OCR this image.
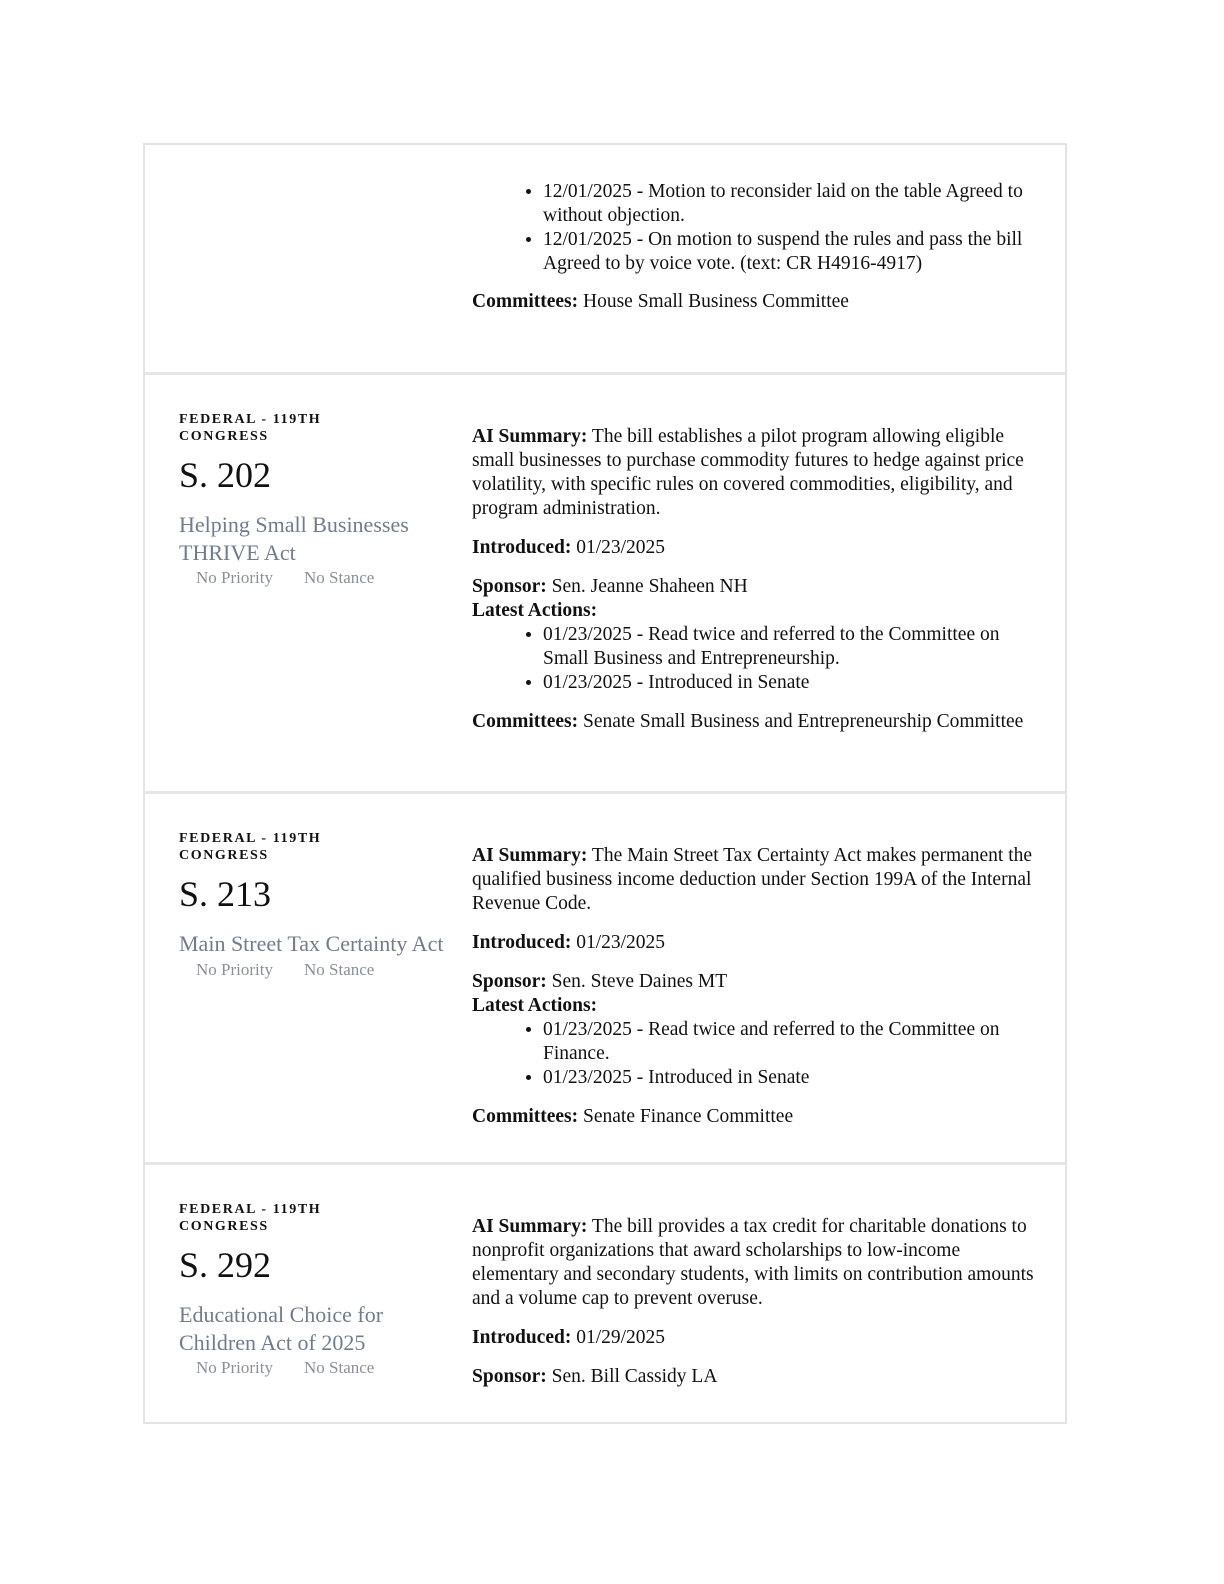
• 12/01/2025 - Motion to reconsider laid on the table Agreed to without objection.
• 12/01/2025 - On motion to suspend the rules and pass the bill Agreed to by voice vote. (text: CR H4916-4917)
Committees: House Small Business Committee
FEDERAL - 119TH CONGRESS
S. 202
Helping Small Businesses THRIVE Act
No Priority No Stance
AI Summary: The bill establishes a pilot program allowing eligible small businesses to purchase commodity futures to hedge against price volatility, with specific rules on covered commodities, eligibility, and program administration.
Introduced: 01/23/2025
Sponsor: Sen. Jeanne Shaheen NH
Latest Actions:
• 01/23/2025 - Read twice and referred to the Committee on Small Business and Entrepreneurship.
• 01/23/2025 - Introduced in Senate
Committees: Senate Small Business and Entrepreneurship Committee
FEDERAL - 119TH CONGRESS
S. 213
Main Street Tax Certainty Act
No Priority No Stance
AI Summary: The Main Street Tax Certainty Act makes permanent the qualified business income deduction under Section 199A of the Internal Revenue Code.
Introduced: 01/23/2025
Sponsor: Sen. Steve Daines MT
Latest Actions:
• 01/23/2025 - Read twice and referred to the Committee on Finance.
• 01/23/2025 - Introduced in Senate
Committees: Senate Finance Committee
FEDERAL - 119TH CONGRESS
S. 292
Educational Choice for Children Act of 2025
No Priority No Stance
AI Summary: The bill provides a tax credit for charitable donations to nonprofit organizations that award scholarships to low-income elementary and secondary students, with limits on contribution amounts and a volume cap to prevent overuse.
Introduced: 01/29/2025
Sponsor: Sen. Bill Cassidy LA
